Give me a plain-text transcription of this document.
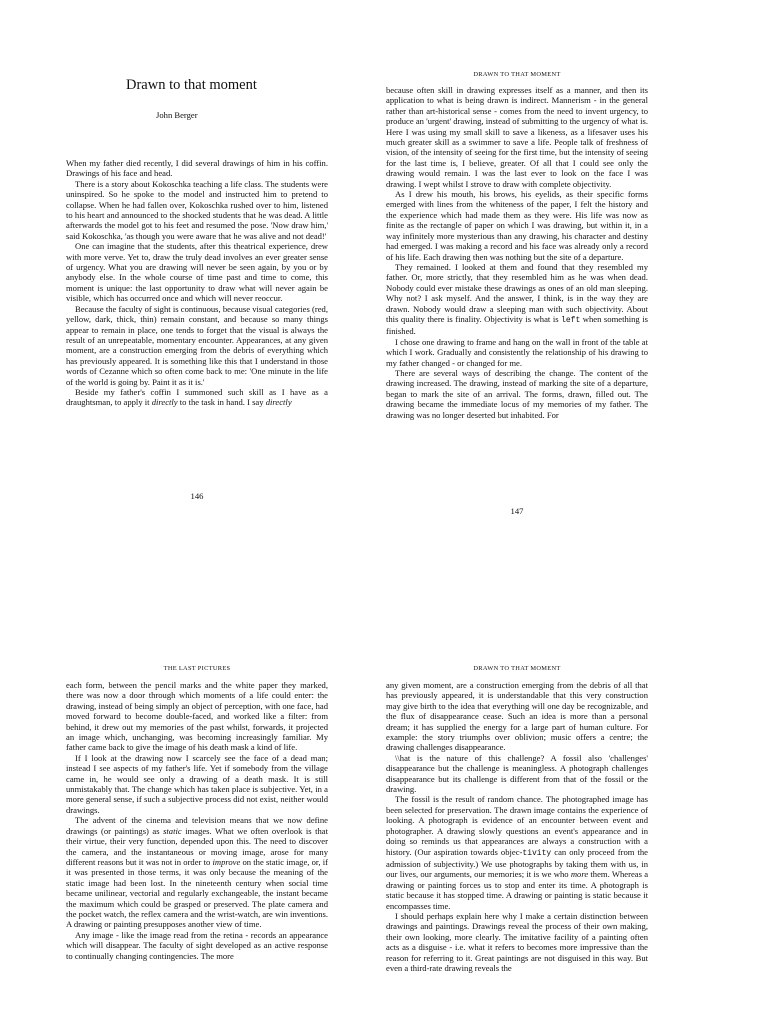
Drawn to that moment
John Berger

When my father died recently, I did several drawings of him in his coffin. Drawings of his face and head.

There is a story about Kokoschka teaching a life class. The students were uninspired. So he spoke to the model and instructed him to pretend to collapse. When he had fallen over, Kokoschka rushed over to him, listened to his heart and announced to the shocked students that he was dead. A little afterwards the model got to his feet and resumed the pose. 'Now draw him,' said Kokoschka, 'as though you were aware that he was alive and not dead!'

One can imagine that the students, after this theatrical experience, drew with more verve. Yet to, draw the truly dead involves an ever greater sense of urgency. What you are drawing will never be seen again, by you or by anybody else. In the whole course of time past and time to come, this moment is unique: the last opportunity to draw what will never again be visible, which has occurred once and which will never reoccur.

Because the faculty of sight is continuous, because visual categories (red, yellow, dark, thick, thin) remain constant, and because so many things appear to remain in place, one tends to forget that the visual is always the result of an unrepeatable, momentary encounter. Appearances, at any given moment, are a construction emerging from the debris of everything which has previously appeared. It is something like this that I understand in those words of Cezanne which so often come back to me: 'One minute in the life of the world is going by. Paint it as it is.'

Beside my father's coffin I summoned such skill as I have as a draughtsman, to apply it directly to the task in hand. I say directly

146
DRAWN TO THAT MOMENT

because often skill in drawing expresses itself as a manner, and then its application to what is being drawn is indirect. Mannerism - in the general rather than art-historical sense - comes from the need to invent urgency, to produce an 'urgent' drawing, instead of submitting to the urgency of what is. Here I was using my small skill to save a likeness, as a lifesaver uses his much greater skill as a swimmer to save a life. People talk of freshness of vision, of the intensity of seeing for the first time, but the intensity of seeing for the last time is, I believe, greater. Of all that I could see only the drawing would remain. I was the last ever to look on the face I was drawing. I wept whilst I strove to draw with complete objectivity.

As I drew his mouth, his brows, his eyelids, as their specific forms emerged with lines from the whiteness of the paper, I felt the history and the experience which had made them as they were. His life was now as finite as the rectangle of paper on which I was drawing, but within it, in a way infinitely more mysterious than any drawing, his character and destiny had emerged. I was making a record and his face was already only a record of his life. Each drawing then was nothing but the site of a departure.

They remained. I looked at them and found that they resembled my father. Or, more strictly, that they resembled him as he was when dead. Nobody could ever mistake these drawings as ones of an old man sleeping. Why not? I ask myself. And the answer, I think, is in the way they are drawn. Nobody would draw a sleeping man with such objectivity. About this quality there is finality. Objectivity is what is left when something is finished.

I chose one drawing to frame and hang on the wall in front of the table at which I work. Gradually and consistently the relationship of his drawing to my father changed - or changed for me.

There are several ways of describing the change. The content of the drawing increased. The drawing, instead of marking the site of a departure, began to mark the site of an arrival. The forms, drawn, filled out. The drawing became the immediate locus of my memories of my father. The drawing was no longer deserted but inhabited. For

147
THE LAST PICTURES

each form, between the pencil marks and the white paper they marked, there was now a door through which moments of a life could enter: the drawing, instead of being simply an object of perception, with one face, had moved forward to become double-faced, and worked like a filter: from behind, it drew out my memories of the past whilst, forwards, it projected an image which, unchanging, was becoming increasingly familiar. My father came back to give the image of his death mask a kind of life.

If I look at the drawing now I scarcely see the face of a dead man; instead I see aspects of my father's life. Yet if somebody from the village came in, he would see only a drawing of a death mask. It is still unmistakably that. The change which has taken place is subjective. Yet, in a more general sense, if such a subjective process did not exist, neither would drawings.

The advent of the cinema and television means that we now define drawings (or paintings) as static images. What we often overlook is that their virtue, their very function, depended upon this. The need to discover the camera, and the instantaneous or moving image, arose for many different reasons but it was not in order to improve on the static image, or, if it was presented in those terms, it was only because the meaning of the static image had been lost. In the nineteenth century when social time became unilinear, vectorial and regularly exchangeable, the instant became the maximum which could be grasped or preserved. The plate camera and the pocket watch, the reflex camera and the wrist-watch, are win inventions. A drawing or painting presupposes another view of time.

Any image - like the image read from the retina - records an appearance which will disappear. The faculty of sight developed as an active response to continually changing contingencies. The more

DRAWN TO THAT MOMENT

any given moment, are a construction emerging from the debris of all that has previously appeared, it is understandable that this very construction may give birth to the idea that everything will one day be recognizable, and the flux of disappearance cease. Such an idea is more than a personal dream; it has supplied the energy for a large part of human culture. For example: the story triumphs over oblivion; music offers a centre; the drawing challenges disappearance.

\\hat is the nature of this challenge? A fossil also 'challenges' disappearance but the challenge is meaningless. A photograph challenges disappearance but its challenge is different from that of the fossil or the drawing.

The fossil is the result of random chance. The photographed image has been selected for preservation. The drawn image contains the experience of looking. A photograph is evidence of an encounter between event and photographer. A drawing slowly questions an event's appearance and in doing so reminds us that appearances are always a construction with a history. (Our aspiration towards objec-tivity can only proceed from the admission of subjectivity.) We use photographs by taking them with us, in our lives, our arguments, our memories; it is we who more them. Whereas a drawing or painting forces us to stop and enter its time. A photograph is static because it has stopped time. A drawing or painting is static because it encompasses time.

I should perhaps explain here why I make a certain distinction between drawings and paintings. Drawings reveal the process of their own making, their own looking, more clearly. The imitative facility of a painting often acts as a disguise - i.e. what it refers to becomes more impressive than the reason for referring to it. Great paintings are not disguised in this way. But even a third-rate drawing reveals the
